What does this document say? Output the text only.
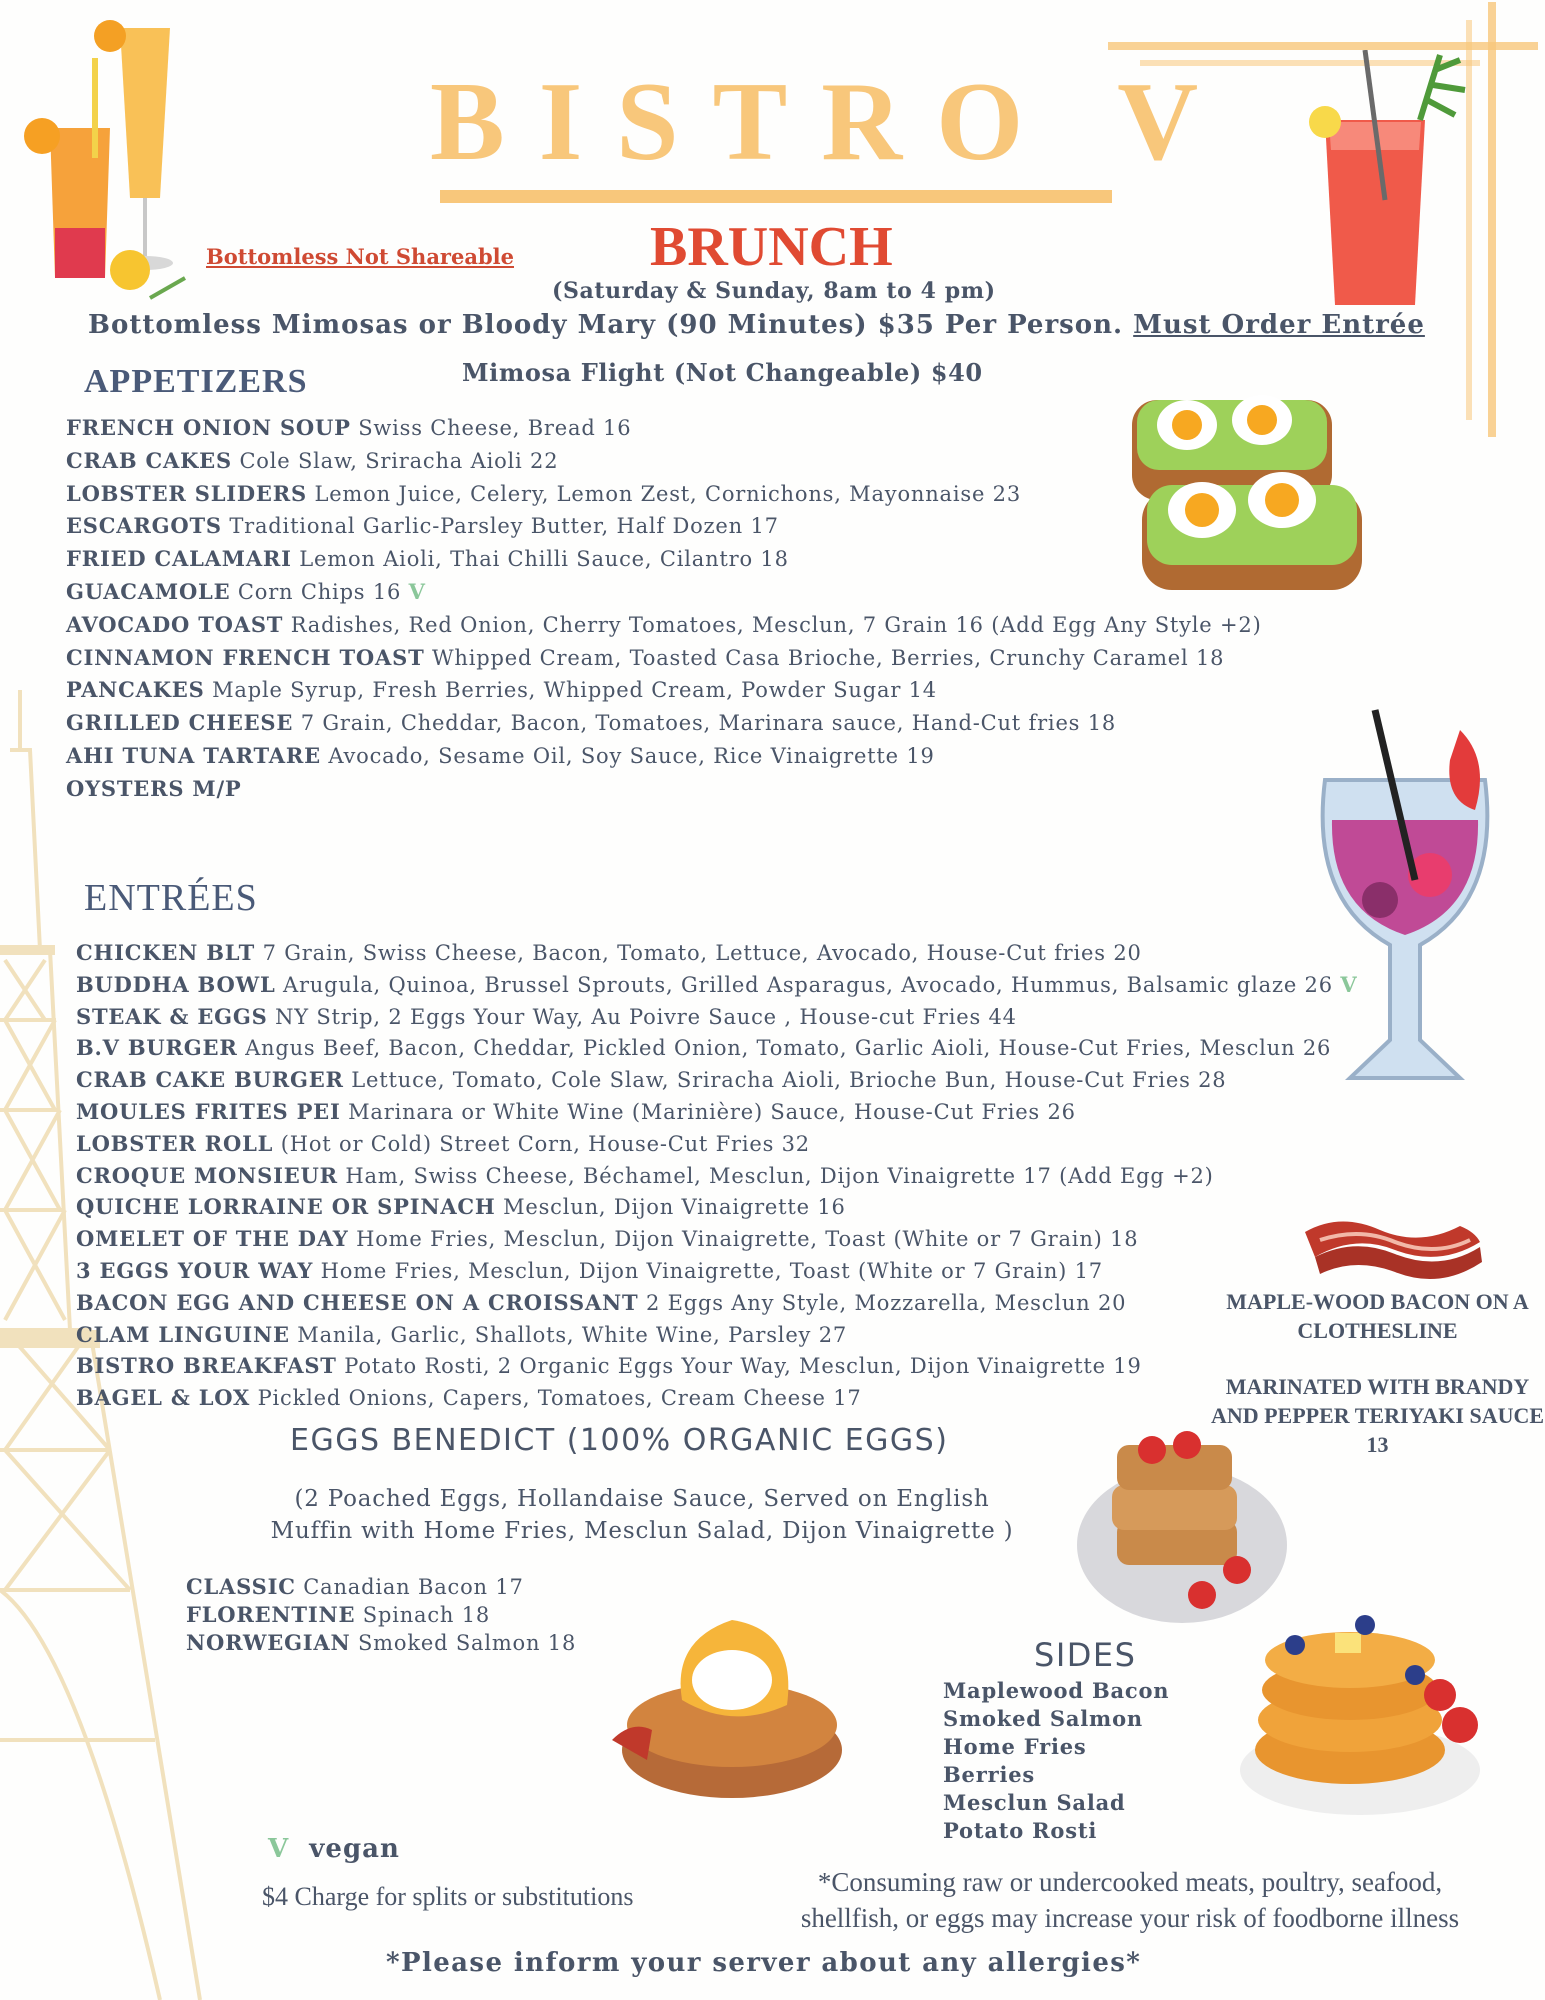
BISTRO V
Bottomless Not Shareable BRUNCH
(Saturday & Sunday, 8am to 4 pm)
Bottomless Mimosas or Bloody Mary (90 Minutes) $35 Per Person. Must Order Entrée
Mimosa Flight (Not Changeable) $40
APPETIZERS
FRENCH ONION SOUP Swiss Cheese, Bread 16
CRAB CAKES Cole Slaw, Sriracha Aioli 22
LOBSTER SLIDERS Lemon Juice, Celery, Lemon Zest, Cornichons, Mayonnaise 23
ESCARGOTS Traditional Garlic-Parsley Butter, Half Dozen 17
FRIED CALAMARI Lemon Aioli, Thai Chilli Sauce, Cilantro 18
GUACAMOLE Corn Chips 16 V
AVOCADO TOAST Radishes, Red Onion, Cherry Tomatoes, Mesclun, 7 Grain 16 (Add Egg Any Style +2)
CINNAMON FRENCH TOAST Whipped Cream, Toasted Casa Brioche, Berries, Crunchy Caramel 18
PANCAKES Maple Syrup, Fresh Berries, Whipped Cream, Powder Sugar 14
GRILLED CHEESE 7 Grain, Cheddar, Bacon, Tomatoes, Marinara sauce, Hand-Cut fries 18
AHI TUNA TARTARE Avocado, Sesame Oil, Soy Sauce, Rice Vinaigrette 19
OYSTERS M/P
ENTRÉES
CHICKEN BLT 7 Grain, Swiss Cheese, Bacon, Tomato, Lettuce, Avocado, House-Cut fries 20
BUDDHA BOWL Arugula, Quinoa, Brussel Sprouts, Grilled Asparagus, Avocado, Hummus, Balsamic glaze 26 V
STEAK & EGGS NY Strip, 2 Eggs Your Way, Au Poivre Sauce , House-cut Fries 44
B.V BURGER Angus Beef, Bacon, Cheddar, Pickled Onion, Tomato, Garlic Aioli, House-Cut Fries, Mesclun 26
CRAB CAKE BURGER Lettuce, Tomato, Cole Slaw, Sriracha Aioli, Brioche Bun, House-Cut Fries 28
MOULES FRITES PEI Marinara or White Wine (Marinière) Sauce, House-Cut Fries 26
LOBSTER ROLL (Hot or Cold) Street Corn, House-Cut Fries 32
CROQUE MONSIEUR Ham, Swiss Cheese, Béchamel, Mesclun, Dijon Vinaigrette 17 (Add Egg +2)
QUICHE LORRAINE OR SPINACH Mesclun, Dijon Vinaigrette 16
OMELET OF THE DAY Home Fries, Mesclun, Dijon Vinaigrette, Toast (White or 7 Grain) 18
3 EGGS YOUR WAY Home Fries, Mesclun, Dijon Vinaigrette, Toast (White or 7 Grain) 17
BACON EGG AND CHEESE ON A CROISSANT 2 Eggs Any Style, Mozzarella, Mesclun 20
CLAM LINGUINE Manila, Garlic, Shallots, White Wine, Parsley 27
BISTRO BREAKFAST Potato Rosti, 2 Organic Eggs Your Way, Mesclun, Dijon Vinaigrette 19
BAGEL & LOX Pickled Onions, Capers, Tomatoes, Cream Cheese 17
MAPLE-WOOD BACON ON A
CLOTHESLINE
MARINATED WITH BRANDY
AND PEPPER TERIYAKI SAUCE
13
EGGS BENEDICT (100% ORGANIC EGGS)
(2 Poached Eggs, Hollandaise Sauce, Served on English
Muffin with Home Fries, Mesclun Salad, Dijon Vinaigrette )
CLASSIC Canadian Bacon 17
FLORENTINE Spinach 18
NORWEGIAN Smoked Salmon 18	SIDES
Maplewood Bacon
Smoked Salmon
Home Fries
Berries
Mesclun Salad
Potato Rosti
V vegan
$4 Charge for splits or substitutions	*Consuming raw or undercooked meats, poultry, seafood,
shellfish, or eggs may increase your risk of foodborne illness
*Please inform your server about any allergies*
